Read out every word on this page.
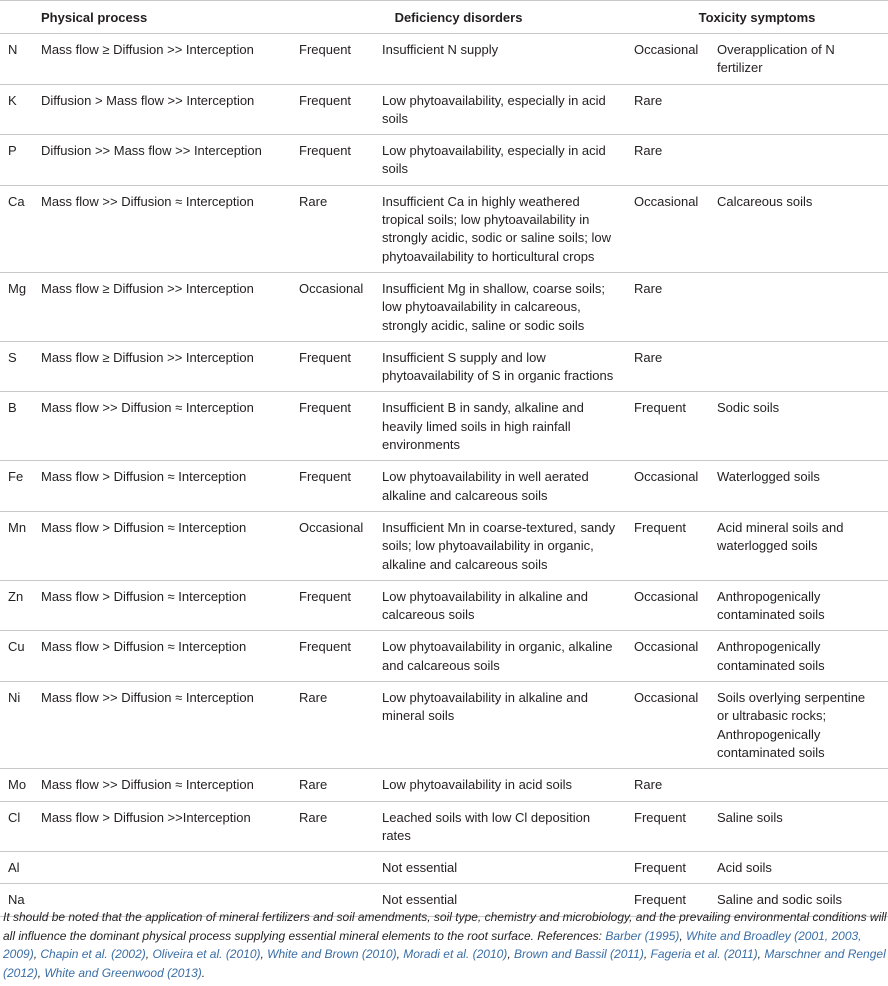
	Physical process	Deficiency disorders		Toxicity symptoms	
N	Mass flow ≥ Diffusion >> Interception	Frequent	Insufficient N supply	Occasional	Overapplication of N fertilizer
K	Diffusion > Mass flow >> Interception	Frequent	Low phytoavailability, especially in acid soils	Rare	
P	Diffusion >> Mass flow >> Interception	Frequent	Low phytoavailability, especially in acid soils	Rare	
Ca	Mass flow >> Diffusion ≈ Interception	Rare	Insufficient Ca in highly weathered tropical soils; low phytoavailability in strongly acidic, sodic or saline soils; low phytoavailability to horticultural crops	Occasional	Calcareous soils
Mg	Mass flow ≥ Diffusion >> Interception	Occasional	Insufficient Mg in shallow, coarse soils; low phytoavailability in calcareous, strongly acidic, saline or sodic soils	Rare	
S	Mass flow ≥ Diffusion >> Interception	Frequent	Insufficient S supply and low phytoavailability of S in organic fractions	Rare	
B	Mass flow >> Diffusion ≈ Interception	Frequent	Insufficient B in sandy, alkaline and heavily limed soils in high rainfall environments	Frequent	Sodic soils
Fe	Mass flow > Diffusion ≈ Interception	Frequent	Low phytoavailability in well aerated alkaline and calcareous soils	Occasional	Waterlogged soils
Mn	Mass flow > Diffusion ≈ Interception	Occasional	Insufficient Mn in coarse-textured, sandy soils; low phytoavailability in organic, alkaline and calcareous soils	Frequent	Acid mineral soils and waterlogged soils
Zn	Mass flow > Diffusion ≈ Interception	Frequent	Low phytoavailability in alkaline and calcareous soils	Occasional	Anthropogenically contaminated soils
Cu	Mass flow > Diffusion ≈ Interception	Frequent	Low phytoavailability in organic, alkaline and calcareous soils	Occasional	Anthropogenically contaminated soils
Ni	Mass flow >> Diffusion ≈ Interception	Rare	Low phytoavailability in alkaline and mineral soils	Occasional	Soils overlying serpentine or ultrabasic rocks; Anthropogenically contaminated soils
Mo	Mass flow >> Diffusion ≈ Interception	Rare	Low phytoavailability in acid soils	Rare	
Cl	Mass flow > Diffusion >>Interception	Rare	Leached soils with low Cl deposition rates	Frequent	Saline soils
Al			Not essential	Frequent	Acid soils
Na			Not essential	Frequent	Saline and sodic soils
It should be noted that the application of mineral fertilizers and soil amendments, soil type, chemistry and microbiology, and the prevailing environmental conditions will all influence the dominant physical process supplying essential mineral elements to the root surface. References: Barber (1995), White and Broadley (2001, 2003, 2009), Chapin et al. (2002), Oliveira et al. (2010), White and Brown (2010), Moradi et al. (2010), Brown and Bassil (2011), Fageria et al. (2011), Marschner and Rengel (2012), White and Greenwood (2013).
